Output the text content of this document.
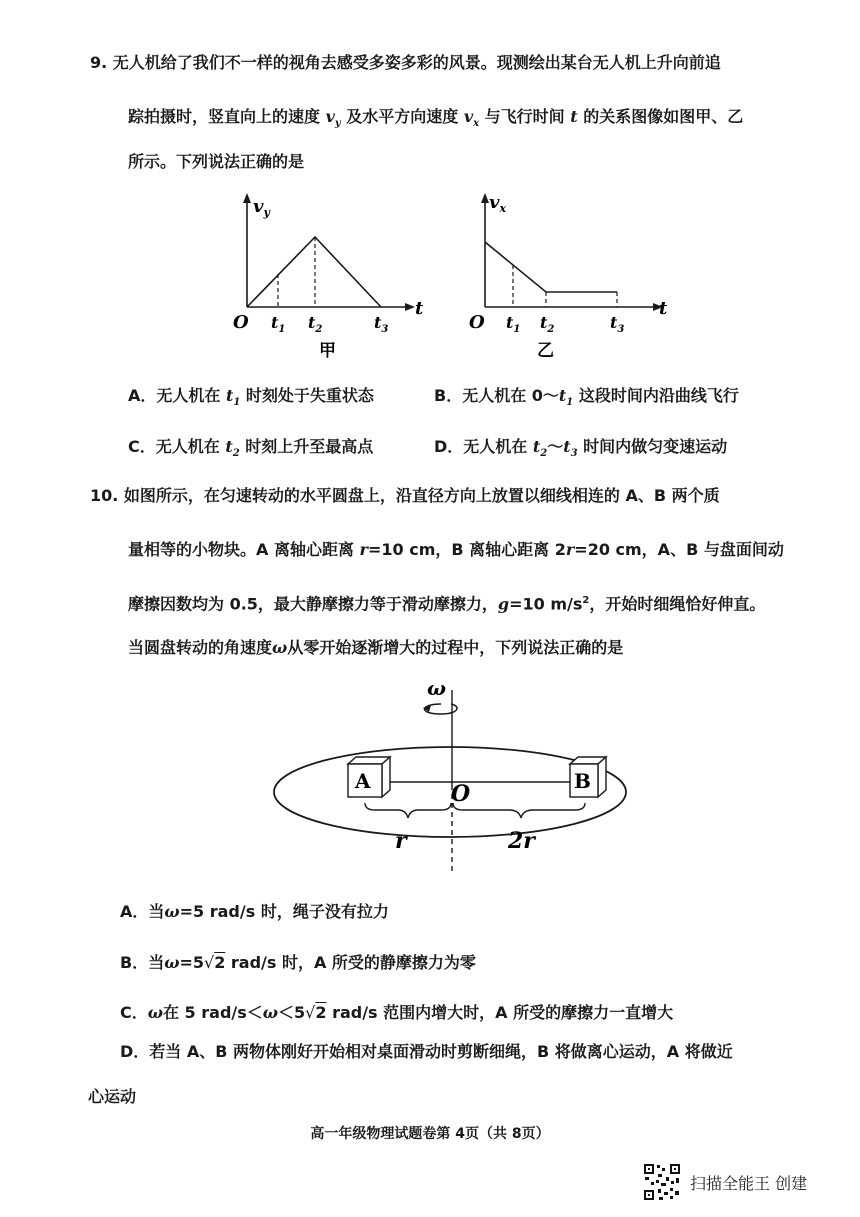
9. 无人机给了我们不一样的视角去感受多姿多彩的风景。现测绘出某台无人机上升向前追
踪拍摄时，竖直向上的速度 $v_y$ 及水平方向速度 $v_x$ 与飞行时间 t 的关系图像如图甲、乙
所示。下列说法正确的是
$v_y$
t
O $t_1$ $t_2$	$t_3$
甲
$v_x$
t
O $t_1$ $t_2$	$t_3$
乙
A．无人机在 $t_1$ 时刻处于失重状态	B．无人机在 $0\sim t_1$ 这段时间内沿曲线飞行
C．无人机在 $t_2$ 时刻上升至最高点	D．无人机在 $t_2\sim t_3$ 时间内做匀变速运动
10. 如图所示，在匀速转动的水平圆盘上，沿直径方向上放置以细线相连的 A、B 两个质
量相等的小物块。A 离轴心距离 r=10 cm，B 离轴心距离 2r=20 cm，A、B 与盘面间动
摩擦因数均为 0.5，最大静摩擦力等于滑动摩擦力，g=10 $m/s^2$，开始时细绳恰好伸直。
当圆盘转动的角速度ω从零开始逐渐增大的过程中，下列说法正确的是
ω
A	B
O
r	2r
A．当ω=5 rad/s 时，绳子没有拉力
B．当ω=5√2 rad/s 时，A 所受的静摩擦力为零
C．ω在 5 rad/s＜ω＜5√2 rad/s 范围内增大时，A 所受的摩擦力一直增大
D．若当 A、B 两物体刚好开始相对桌面滑动时剪断细绳，B 将做离心运动，A 将做近
心运动
高一年级物理试题卷第 4页（共 8页）
扫描全能王 创建
